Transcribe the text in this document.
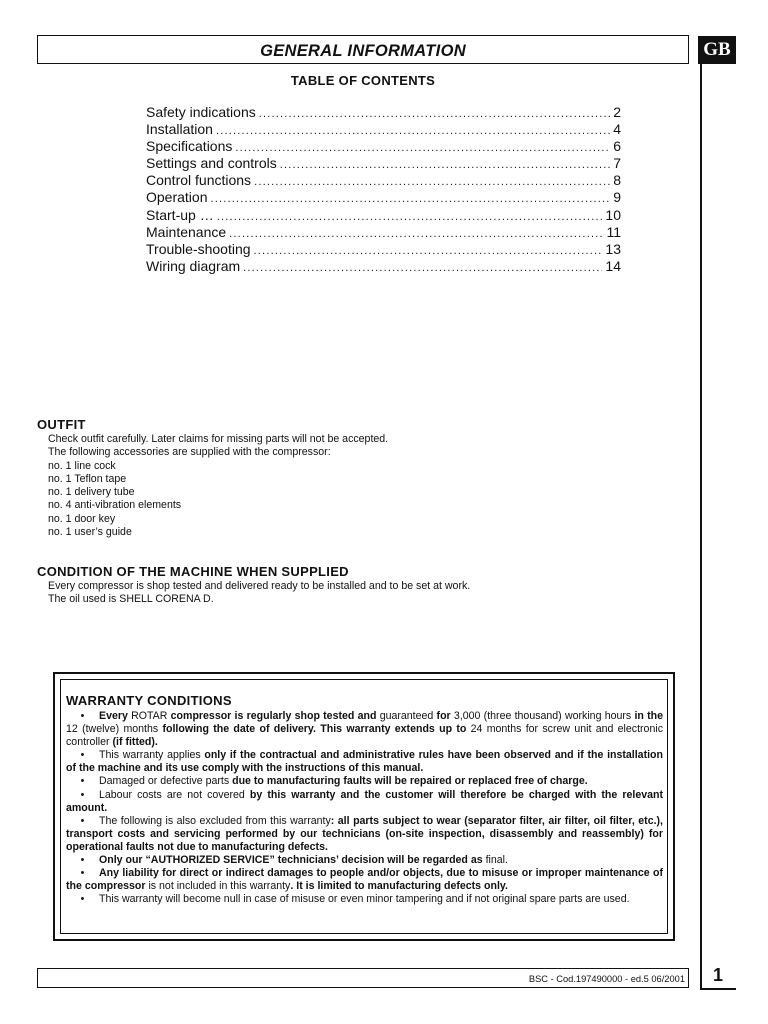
GENERAL INFORMATION	GB
TABLE OF CONTENTS
Safety indications .....	2
Installation .....	4
Specifications .....	6
Settings and controls .....	7
Control functions .....	8
Operation .....	9
Start-up … .....	10
Maintenance .....	11
Trouble-shooting .....	13
Wiring diagram .....	14
OUTFIT
Check outfit carefully. Later claims for missing parts will not be accepted.
The following accessories are supplied with the compressor:
no. 1 line cock
no. 1 Teflon tape
no. 1 delivery tube
no. 4 anti-vibration elements
no. 1 door key
no. 1 user’s guide
CONDITION OF THE MACHINE WHEN SUPPLIED
Every compressor is shop tested and delivered ready to be installed and to be set at work.
The oil used is SHELL CORENA D.
WARRANTY CONDITIONS

• Every ROTAR compressor is regularly shop tested and guaranteed for 3,000 (three thousand) working hours in the 12 (twelve) months following the date of delivery. This warranty extends up to 24 months for screw unit and electronic controller (if fitted).

• This warranty applies only if the contractual and administrative rules have been observed and if the installation of the machine and its use comply with the instructions of this manual.

• Damaged or defective parts due to manufacturing faults will be repaired or replaced free of charge.

• Labour costs are not covered by this warranty and the customer will therefore be charged with the relevant amount.

• The following is also excluded from this warranty: all parts subject to wear (separator filter, air filter, oil filter, etc.), transport costs and servicing performed by our technicians (on-site inspection, disassembly and reassembly) for operational faults not due to manufacturing defects.

• Only our “AUTHORIZED SERVICE” technicians’ decision will be regarded as final.

• Any liability for direct or indirect damages to people and/or objects, due to misuse or improper maintenance of the compressor is not included in this warranty. It is limited to manufacturing defects only.

• This warranty will become null in case of misuse or even minor tampering and if not original spare parts are used.

BSC - Cod.197490000 - ed.5 06/2001	1
